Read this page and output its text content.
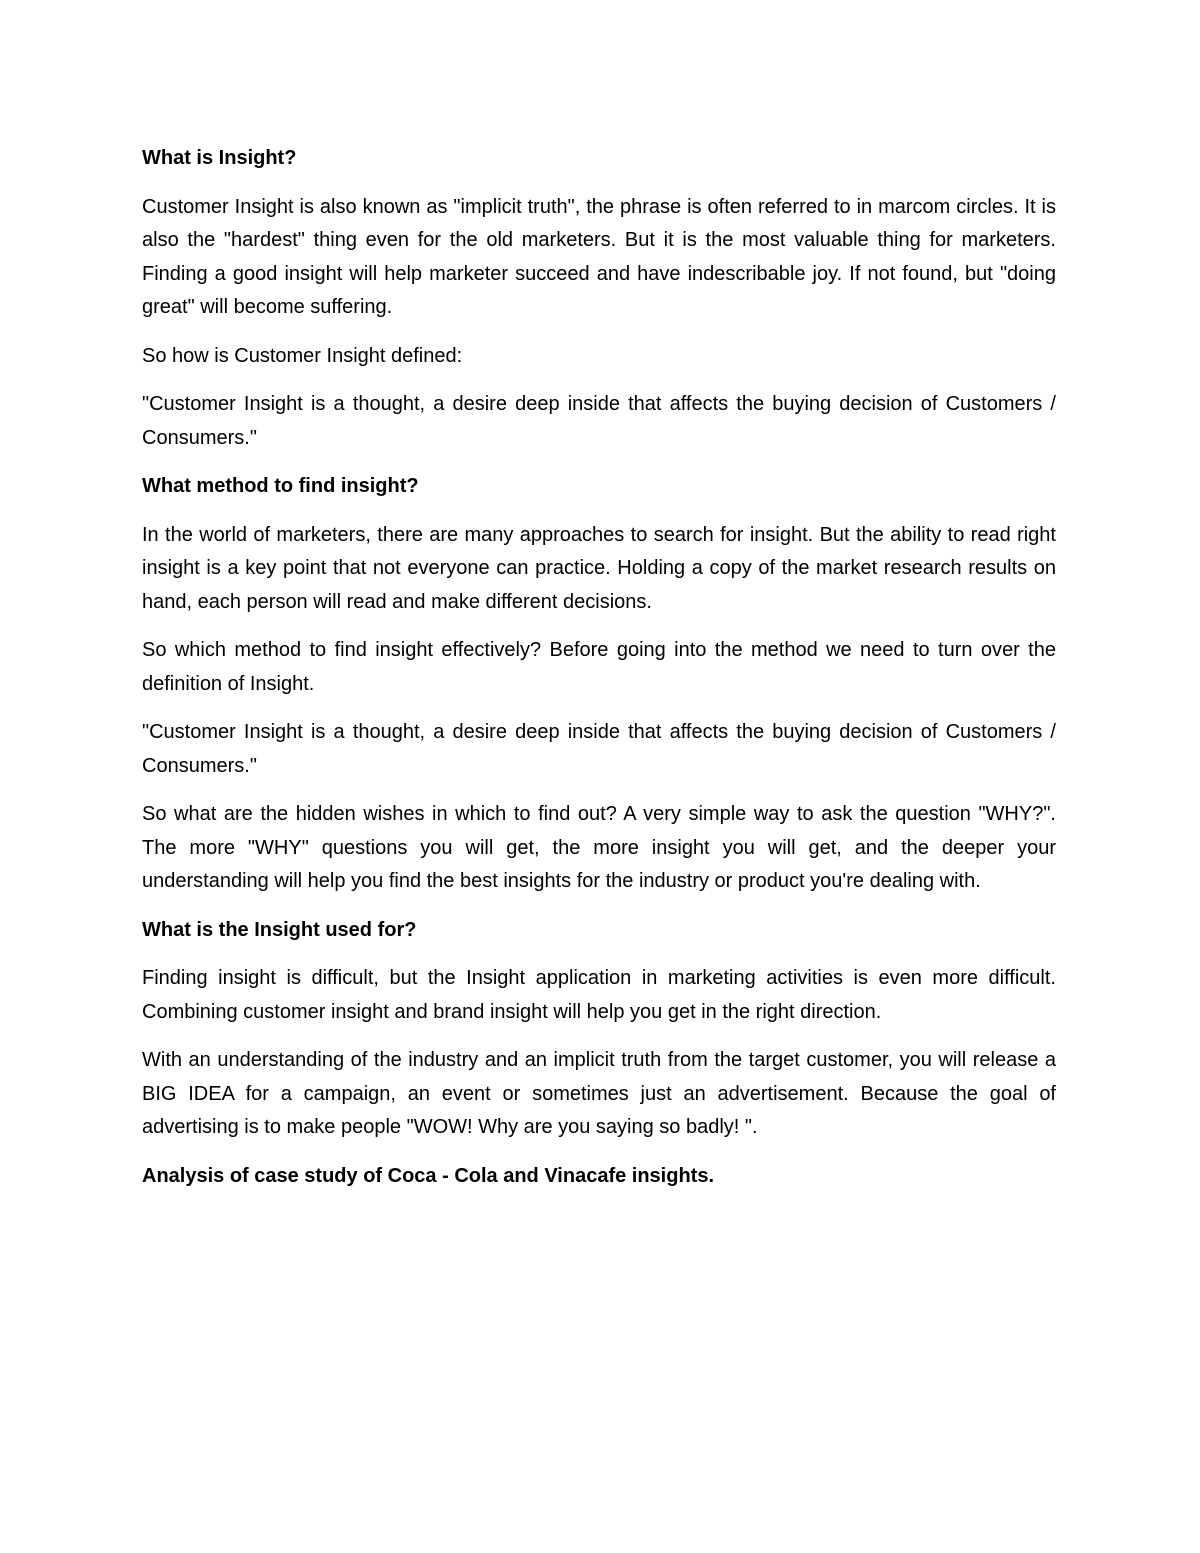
What is Insight?

Customer Insight is also known as "implicit truth", the phrase is often referred to in marcom circles. It is also the "hardest" thing even for the old marketers. But it is the most valuable thing for marketers. Finding a good insight will help marketer succeed and have indescribable joy. If not found, but "doing great" will become suffering.

So how is Customer Insight defined:

"Customer Insight is a thought, a desire deep inside that affects the buying decision of Customers / Consumers."

What method to find insight?

In the world of marketers, there are many approaches to search for insight. But the ability to read right insight is a key point that not everyone can practice. Holding a copy of the market research results on hand, each person will read and make different decisions.

So which method to find insight effectively? Before going into the method we need to turn over the definition of Insight.

"Customer Insight is a thought, a desire deep inside that affects the buying decision of Customers / Consumers."

So what are the hidden wishes in which to find out? A very simple way to ask the question "WHY?". The more "WHY" questions you will get, the more insight you will get, and the deeper your understanding will help you find the best insights for the industry or product you're dealing with.

What is the Insight used for?

Finding insight is difficult, but the Insight application in marketing activities is even more difficult. Combining customer insight and brand insight will help you get in the right direction.

With an understanding of the industry and an implicit truth from the target customer, you will release a BIG IDEA for a campaign, an event or sometimes just an advertisement. Because the goal of advertising is to make people "WOW! Why are you saying so badly! ".

Analysis of case study of Coca - Cola and Vinacafe insights.
